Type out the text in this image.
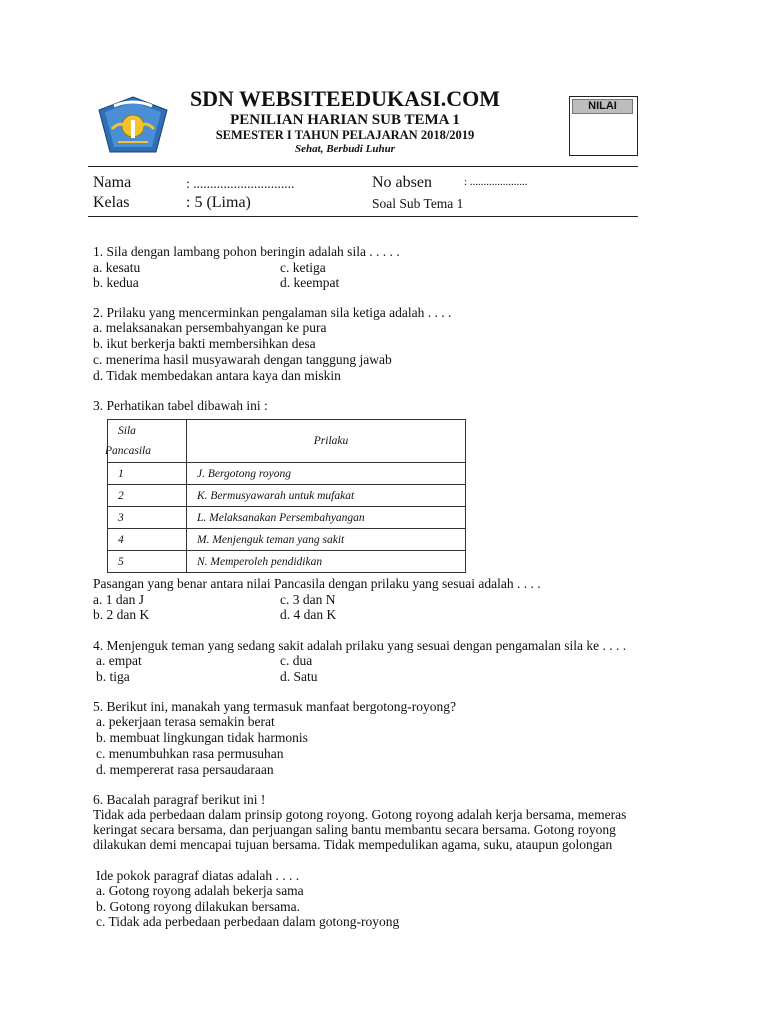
SDN WEBSITEEDUKASI.COM
PENILIAN HARIAN SUB TEMA 1
SEMESTER I TAHUN PELAJARAN 2018/2019
Sehat, Berbudi Luhur
NILAI
Nama	: ..............................	No absen	: .....................
Kelas	: 5 (Lima)	Soal Sub Tema 1
1. Sila dengan lambang pohon beringin adalah sila . . . . .
a. kesatu	c. ketiga
b. kedua	d. keempat
2. Prilaku yang mencerminkan pengalaman sila ketiga adalah . . . .
a. melaksanakan persembahyangan ke pura
b. ikut berkerja bakti membersihkan desa
c. menerima hasil musyawarah dengan tanggung jawab
d. Tidak membedakan antara kaya dan miskin
3. Perhatikan tabel dibawah ini :
Sila
Pancasila	Prilaku
1	J. Bergotong royong
2	K. Bermusyawarah untuk mufakat
3	L. Melaksanakan Persembahyangan
4	M. Menjenguk teman yang sakit
5	N. Memperoleh pendidikan
Pasangan yang benar antara nilai Pancasila dengan prilaku yang sesuai adalah . . . .
a. 1 dan J	c. 3 dan N
b. 2 dan K	d. 4 dan K
4. Menjenguk teman yang sedang sakit adalah prilaku yang sesuai dengan pengamalan sila ke . . . .
a. empat	c. dua
b. tiga	d. Satu
5. Berikut ini, manakah yang termasuk manfaat bergotong-royong?
a. pekerjaan terasa semakin berat
b. membuat lingkungan tidak harmonis
c. menumbuhkan rasa permusuhan
d. mempererat rasa persaudaraan
6. Bacalah paragraf berikut ini !
Tidak ada perbedaan dalam prinsip gotong royong. Gotong royong adalah kerja bersama, memeras
keringat secara bersama, dan perjuangan saling bantu membantu secara bersama. Gotong royong
dilakukan demi mencapai tujuan bersama. Tidak mempedulikan agama, suku, ataupun golongan
Ide pokok paragraf diatas adalah . . . .
a. Gotong royong adalah bekerja sama
b. Gotong royong dilakukan bersama.
c. Tidak ada perbedaan perbedaan dalam gotong-royong
